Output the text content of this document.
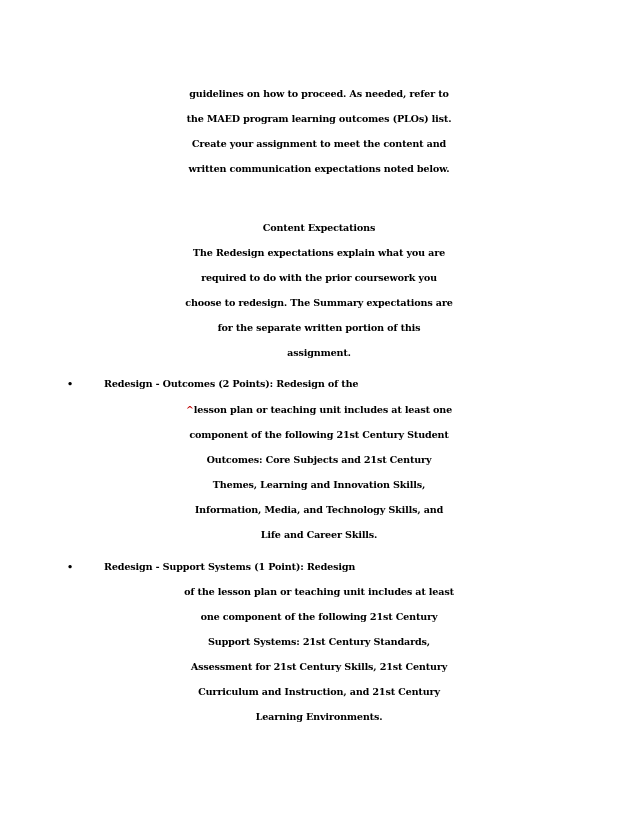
guidelines on how to proceed. As needed, refer to
the MAED program learning outcomes (PLOs) list.
Create your assignment to meet the content and
written communication expectations noted below.
Content Expectations
The Redesign expectations explain what you are
required to do with the prior coursework you
choose to redesign. The Summary expectations are
for the separate written portion of this
assignment.
•	Redesign - Outcomes (2 Points): Redesign of the
^lesson plan or teaching unit includes at least one
component of the following 21st Century Student
Outcomes: Core Subjects and 21st Century
Themes, Learning and Innovation Skills,
Information, Media, and Technology Skills, and
Life and Career Skills.
•	Redesign - Support Systems (1 Point): Redesign
of the lesson plan or teaching unit includes at least
one component of the following 21st Century
Support Systems: 21st Century Standards,
Assessment for 21st Century Skills, 21st Century
Curriculum and Instruction, and 21st Century
Learning Environments.
